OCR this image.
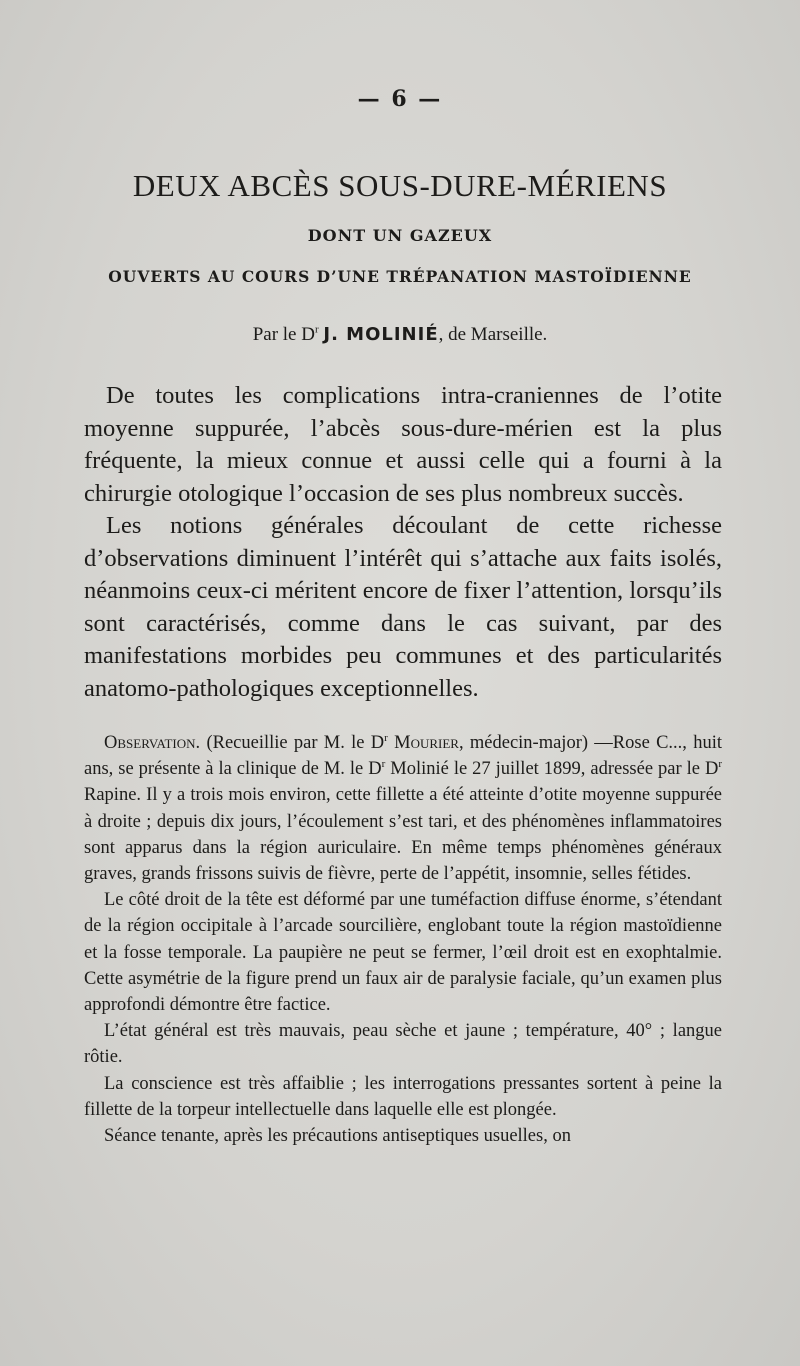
— 6 —
DEUX ABCÈS SOUS-DURE-MÉRIENS
DONT UN GAZEUX
OUVERTS AU COURS D’UNE TRÉPANATION MASTOÏDIENNE
Par le $D^r$ J. MOLINIÉ, de Marseille.

De toutes les complications intra-craniennes de l’otite moyenne suppurée, l’abcès sous-dure-mérien est la plus fréquente, la mieux connue et aussi celle qui a fourni à la chirurgie otologique l’occasion de ses plus nombreux succès.

Les notions générales découlant de cette richesse d’observations diminuent l’intérêt qui s’attache aux faits isolés, néanmoins ceux-ci méritent encore de fixer l’attention, lorsqu’ils sont caractérisés, comme dans le cas suivant, par des manifestations morbides peu communes et des particularités

anatomo-pathologiques exceptionnelles.

Observation. (Recueillie par M. le $D^r$ Mourier, médecin-major) —Rose C..., huit ans, se présente à la clinique de M. le $D^r$ Molinié le 27 juillet 1899, adressée par le $D^r$ Rapine. Il y a trois mois environ, cette fillette a été atteinte d’otite moyenne suppurée à droite ; depuis dix jours, l’écoulement s’est tari, et des phénomènes inflammatoires sont apparus dans la région auriculaire. En même temps phénomènes généraux graves, grands frissons suivis de fièvre, perte de l’appétit, insomnie, selles fétides.

Le côté droit de la tête est déformé par une tuméfaction diffuse énorme, s’étendant de la région occipitale à l’arcade sourcilière, englobant toute la région mastoïdienne et la fosse temporale. La paupière ne peut se fermer, l’œil droit est en exophtalmie. Cette asymétrie de la figure prend un faux air de paralysie faciale, qu’un examen plus approfondi démontre être factice.

L’état général est très mauvais, peau sèche et jaune ; température, 40° ; langue rôtie.

La conscience est très affaiblie ; les interrogations pressantes sortent à peine la fillette de la torpeur intellectuelle dans laquelle elle est plongée.

Séance tenante, après les précautions antiseptiques usuelles, on
